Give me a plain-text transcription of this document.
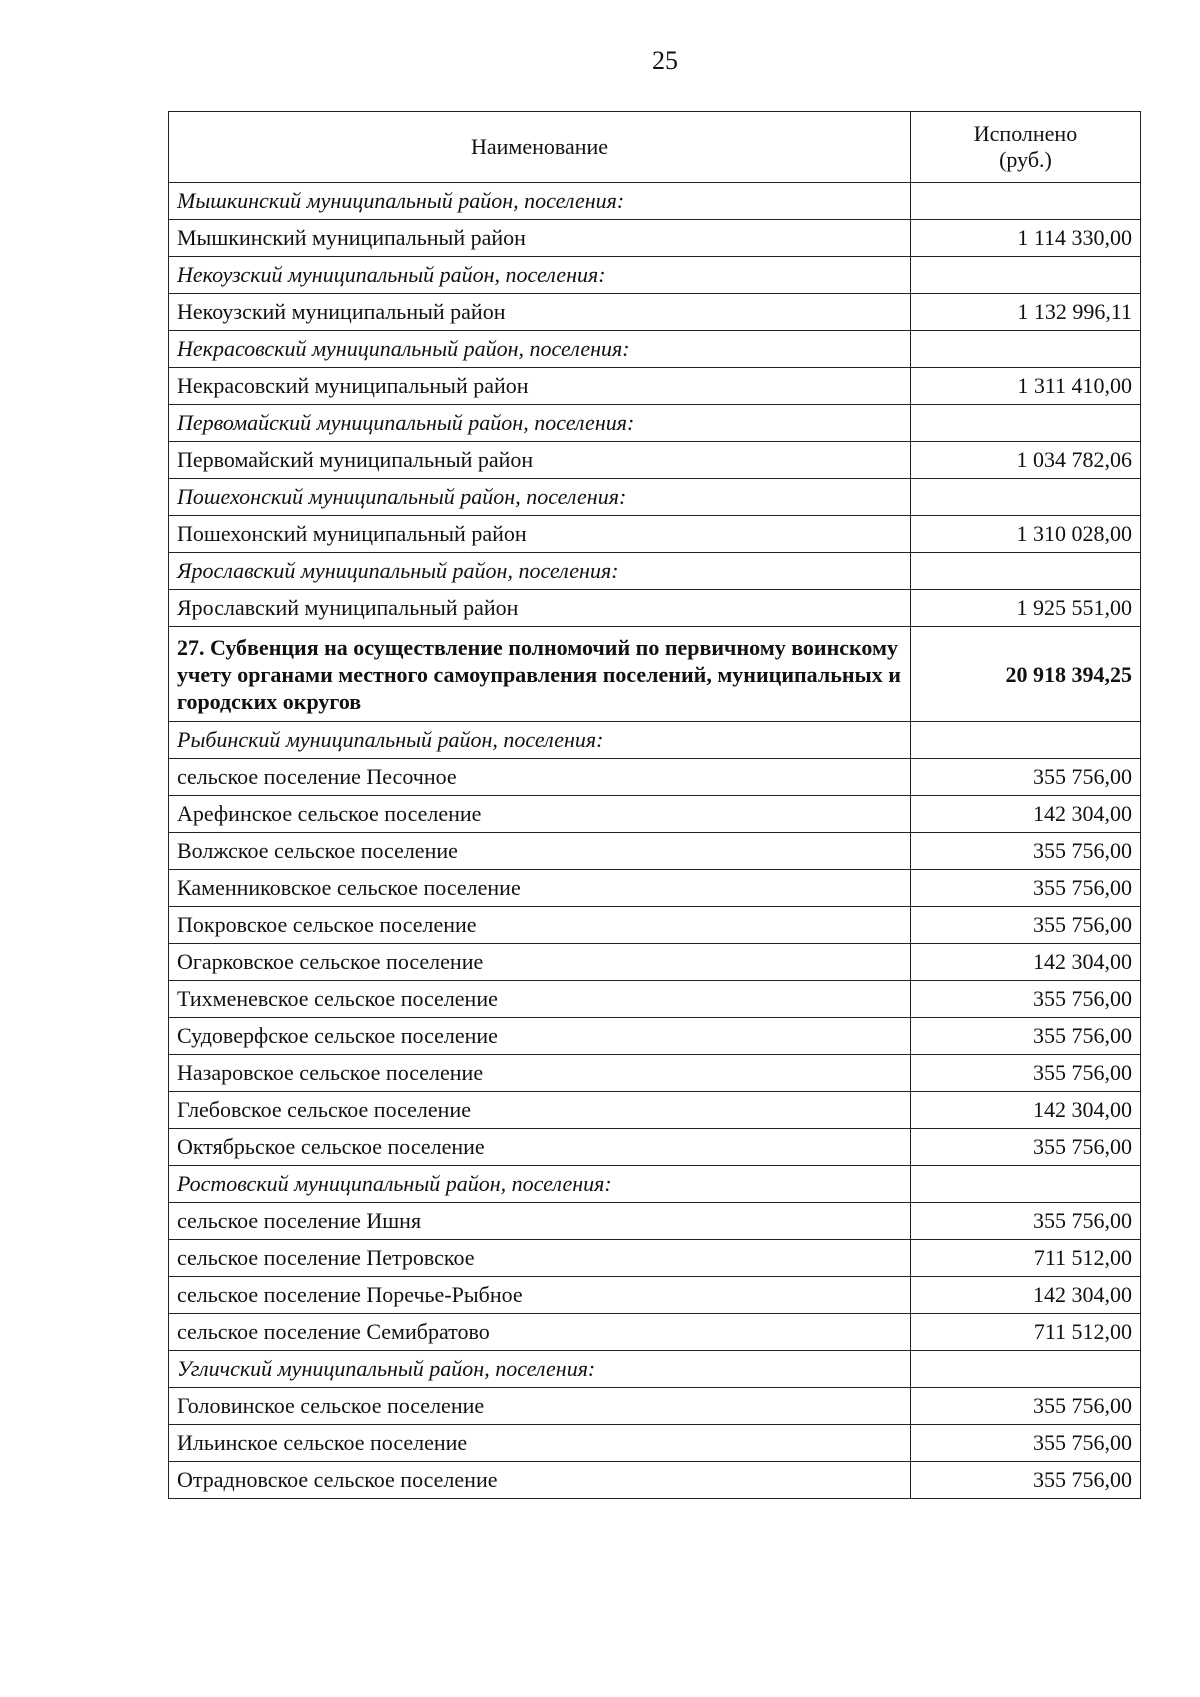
25
Наименование	Исполнено
(руб.)
Мышкинский муниципальный район, поселения:	
Мышкинский муниципальный район	1 114 330,00
Некоузский муниципальный район, поселения:	
Некоузский муниципальный район	1 132 996,11
Некрасовский муниципальный район, поселения:	
Некрасовский муниципальный район	1 311 410,00
Первомайский муниципальный район, поселения:	
Первомайский муниципальный район	1 034 782,06
Пошехонский муниципальный район, поселения:	
Пошехонский муниципальный район	1 310 028,00
Ярославский муниципальный район, поселения:	
Ярославский муниципальный район	1 925 551,00
27. Субвенция на осуществление полномочий по первичному воинскому учету органами местного самоуправления поселений, муниципальных и городских округов	20 918 394,25
Рыбинский муниципальный район, поселения:	
сельское поселение Песочное	355 756,00
Арефинское сельское поселение	142 304,00
Волжское сельское поселение	355 756,00
Каменниковское сельское поселение	355 756,00
Покровское сельское поселение	355 756,00
Огарковское сельское поселение	142 304,00
Тихменевское сельское поселение	355 756,00
Судоверфское сельское поселение	355 756,00
Назаровское сельское поселение	355 756,00
Глебовское сельское поселение	142 304,00
Октябрьское сельское поселение	355 756,00
Ростовский муниципальный район, поселения:	
сельское поселение Ишня	355 756,00
сельское поселение Петровское	711 512,00
сельское поселение Поречье-Рыбное	142 304,00
сельское поселение Семибратово	711 512,00
Угличский муниципальный район, поселения:	
Головинское сельское поселение	355 756,00
Ильинское сельское поселение	355 756,00
Отрадновское сельское поселение	355 756,00
